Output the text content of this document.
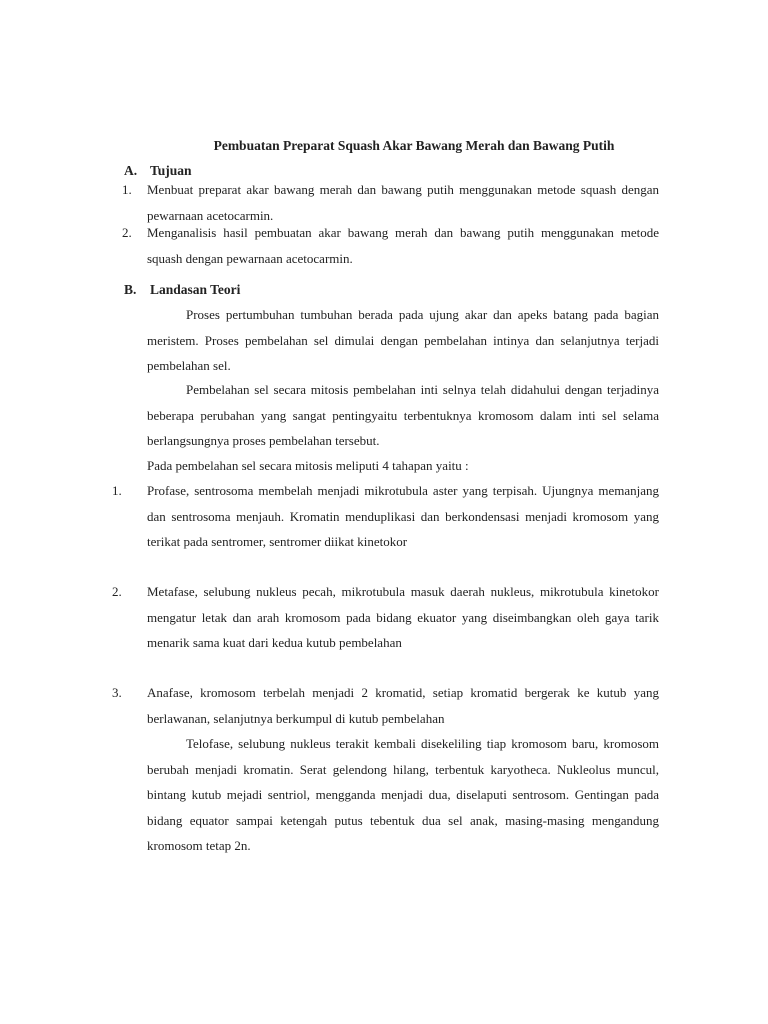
Pembuatan Preparat Squash Akar Bawang Merah dan Bawang Putih
A. Tujuan
1. Menbuat preparat akar bawang merah dan bawang putih menggunakan metode squash dengan pewarnaan acetocarmin.
2. Menganalisis hasil pembuatan akar bawang merah dan bawang putih menggunakan metode squash dengan pewarnaan acetocarmin.
B. Landasan Teori
Proses pertumbuhan tumbuhan berada pada ujung akar dan apeks batang pada bagian meristem. Proses pembelahan sel dimulai dengan pembelahan intinya dan selanjutnya terjadi pembelahan sel.
Pembelahan sel secara mitosis pembelahan inti selnya telah didahului dengan terjadinya beberapa perubahan yang sangat pentingyaitu terbentuknya kromosom dalam inti sel selama berlangsungnya proses pembelahan tersebut.
Pada pembelahan sel secara mitosis meliputi 4 tahapan yaitu :
1. Profase, sentrosoma membelah menjadi mikrotubula aster yang terpisah. Ujungnya memanjang dan sentrosoma menjauh. Kromatin menduplikasi dan berkondensasi menjadi kromosom yang terikat pada sentromer, sentromer diikat kinetokor
2. Metafase, selubung nukleus pecah, mikrotubula masuk daerah nukleus, mikrotubula kinetokor mengatur letak dan arah kromosom pada bidang ekuator yang diseimbangkan oleh gaya tarik menarik sama kuat dari kedua kutub pembelahan
3. Anafase, kromosom terbelah menjadi 2 kromatid, setiap kromatid bergerak ke kutub yang berlawanan, selanjutnya berkumpul di kutub pembelahan
Telofase, selubung nukleus terakit kembali disekeliling tiap kromosom baru, kromosom berubah menjadi kromatin. Serat gelendong hilang, terbentuk karyotheca. Nukleolus muncul, bintang kutub mejadi sentriol, mengganda menjadi dua, diselaputi sentrosom. Gentingan pada bidang equator sampai ketengah putus tebentuk dua sel anak, masing-masing mengandung kromosom tetap 2n.
